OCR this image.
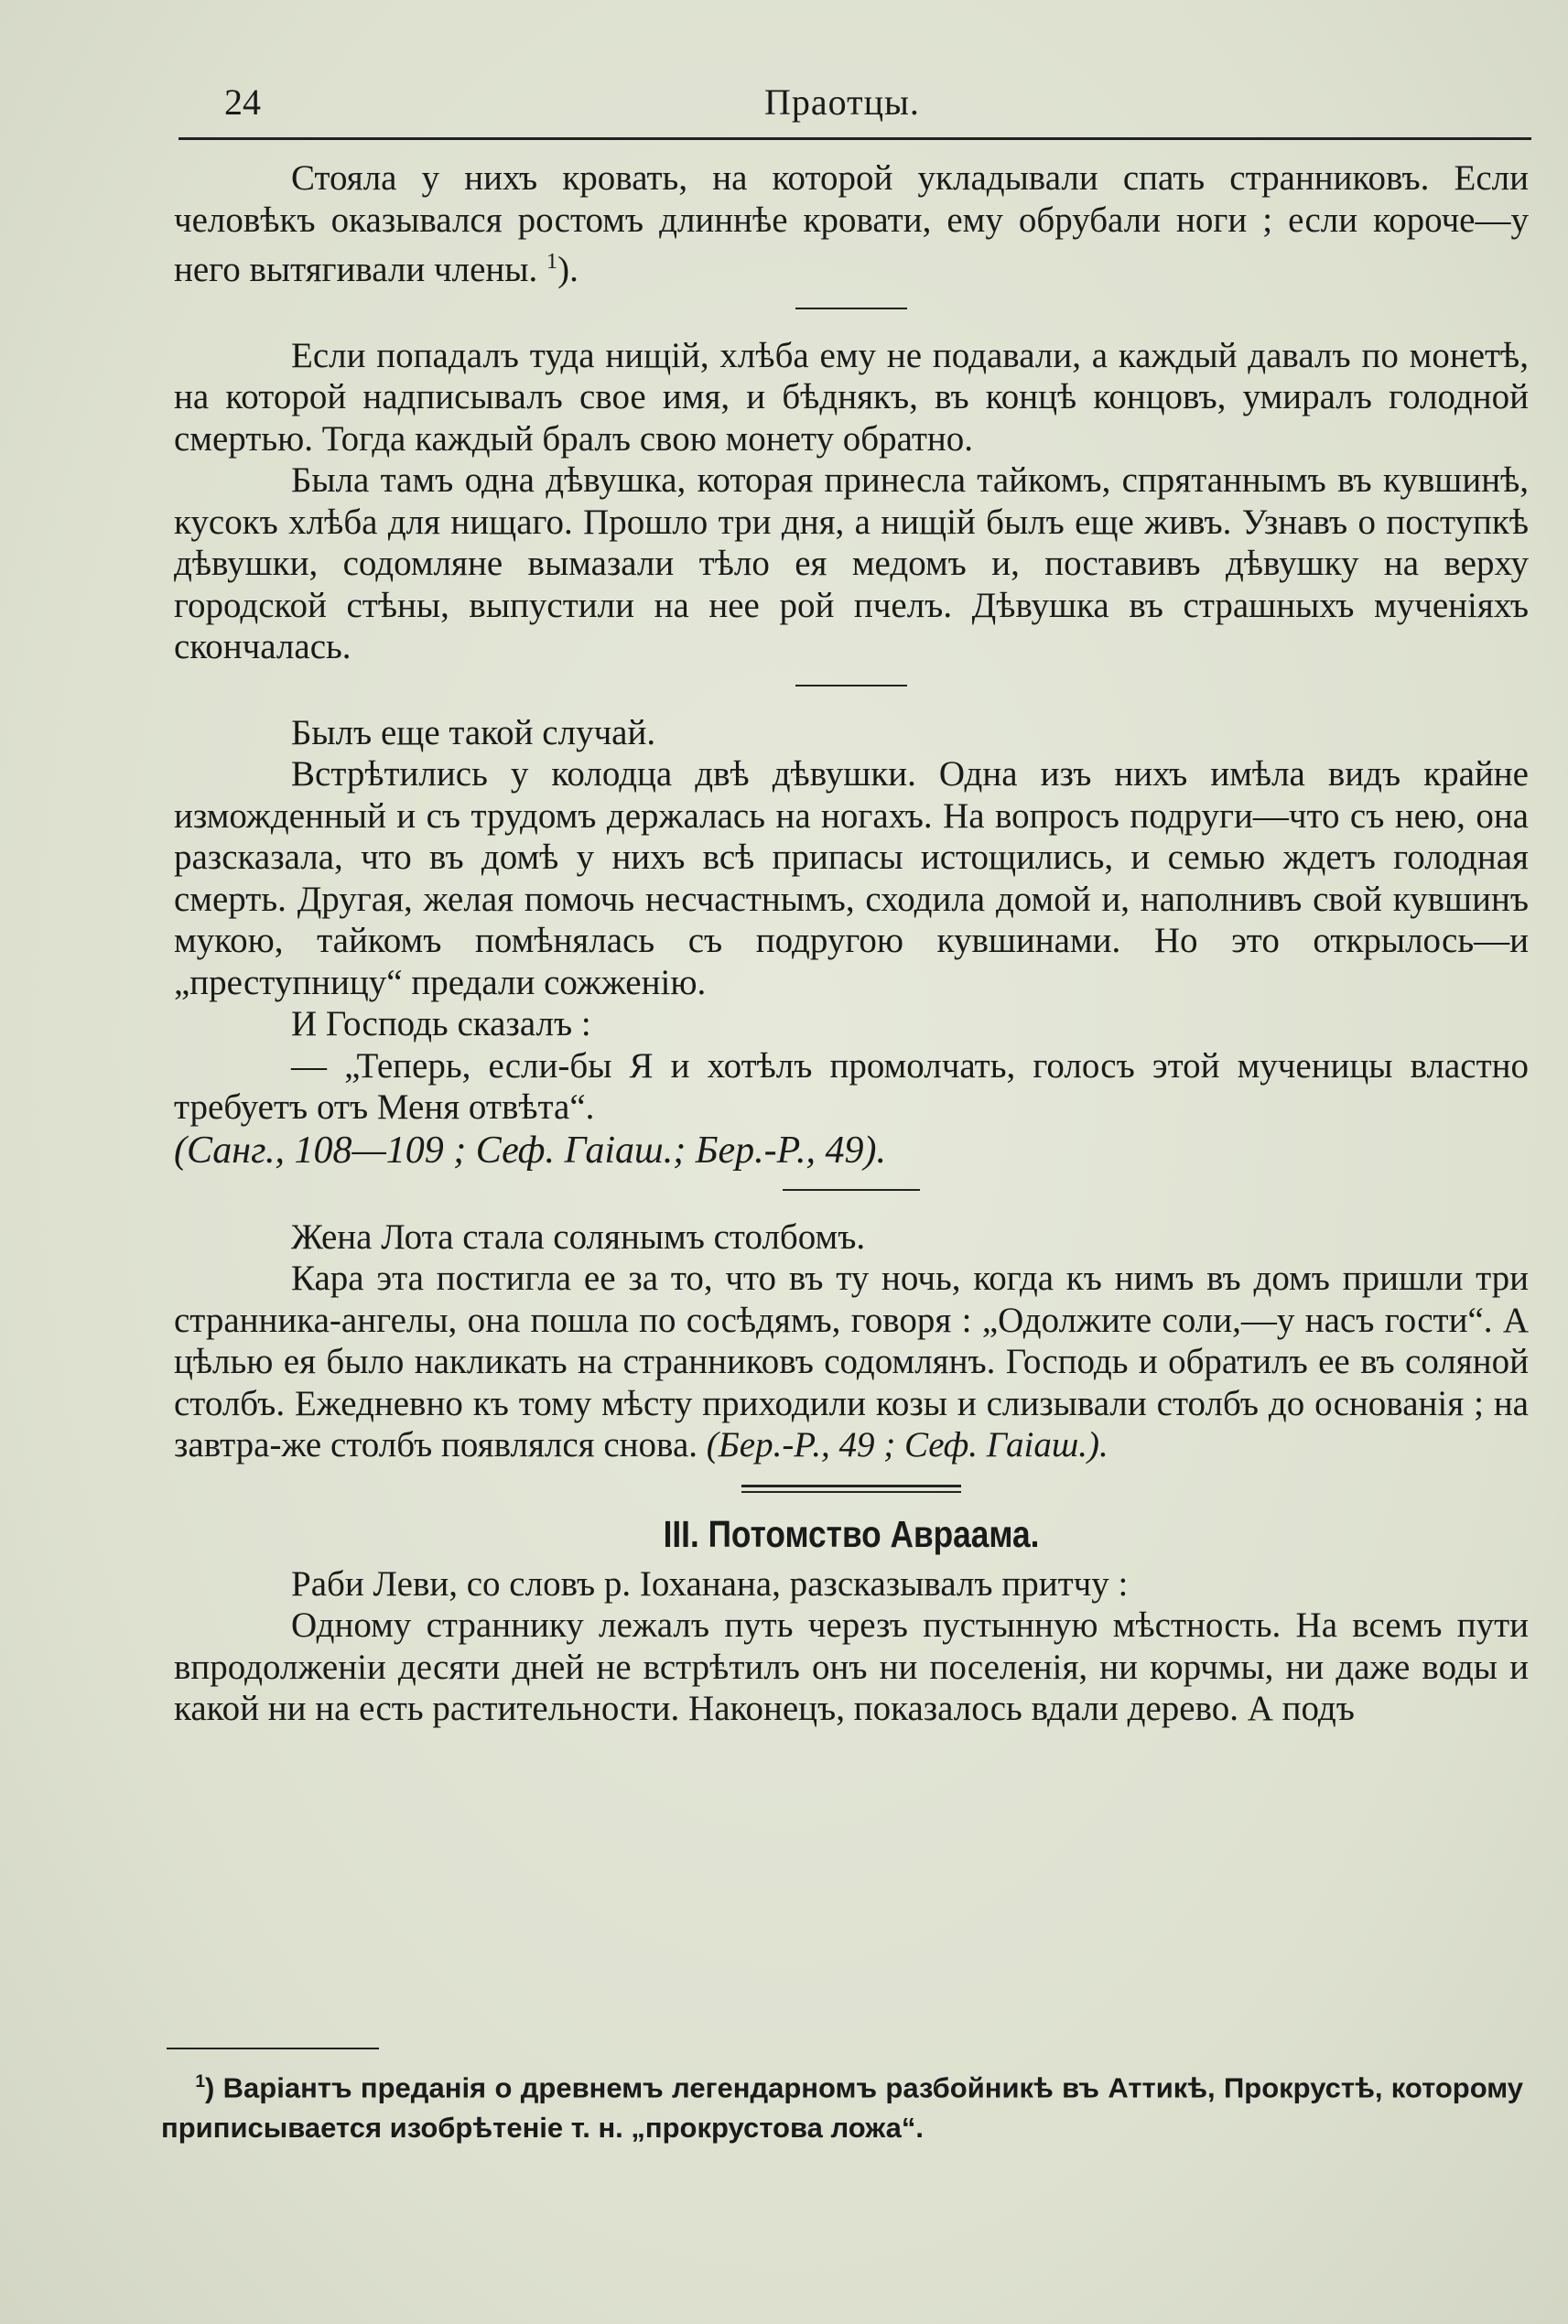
24	Праотцы.

Стояла у нихъ кровать, на которой укладывали спать странниковъ. Если человѣкъ оказывался ростомъ длиннѣе кровати, ему обрубали ноги ; если короче—у него вытягивали члены. $^1$).

Если попадалъ туда нищій, хлѣба ему не подавали, а каждый давалъ по монетѣ, на которой надписывалъ свое имя, и бѣднякъ, въ концѣ концовъ, умиралъ голодной смертью. Тогда каждый бралъ свою монету обратно.

Была тамъ одна дѣвушка, которая принесла тайкомъ, спрятаннымъ въ кувшинѣ, кусокъ хлѣба для нищаго. Прошло три дня, а нищій былъ еще живъ. Узнавъ о поступкѣ дѣвушки, содомляне вымазали тѣло ея медомъ и, поставивъ дѣвушку на верху городской стѣны, выпустили на нее рой пчелъ. Дѣвушка въ страшныхъ мученіяхъ скончалась.

Былъ еще такой случай.

Встрѣтились у колодца двѣ дѣвушки. Одна изъ нихъ имѣла видъ крайне изможденный и съ трудомъ держалась на ногахъ. На вопросъ подруги—что съ нею, она разсказала, что въ домѣ у нихъ всѣ припасы истощились, и семью ждетъ голодная смерть. Другая, желая помочь несчастнымъ, сходила домой и, наполнивъ свой кувшинъ мукою, тайкомъ помѣнялась съ подругою кувшинами. Но это открылось—и „преступницу“ предали сожженію.

И Господь сказалъ :

— „Теперь, если-бы Я и хотѣлъ промолчать, голосъ этой мученицы властно требуетъ отъ Меня отвѣта“.

(Санг., 108—109 ; Сеф. Гаіаш.; Бер.-Р., 49).

Жена Лота стала солянымъ столбомъ.

Кара эта постигла ее за то, что въ ту ночь, когда къ нимъ въ домъ пришли три странника-ангелы, она пошла по сосѣдямъ, говоря : „Одолжите соли,—у насъ гости“. А цѣлью ея было накликать на странниковъ содомлянъ. Господь и обратилъ ее въ соляной столбъ. Ежедневно къ тому мѣсту приходили козы и слизывали столбъ до основанія ; на завтра-же столбъ появлялся снова. (Бер.-Р., 49 ; Сеф. Гаіаш.).

III. Потомство Авраама.

Раби Леви, со словъ р. Іоханана, разсказывалъ притчу :

Одному страннику лежалъ путь черезъ пустынную мѣстность. На всемъ пути впродолженіи десяти дней не встрѣтилъ онъ ни поселенія, ни корчмы, ни даже воды и какой ни на есть растительности. Наконецъ, показалось вдали дерево. А подъ

$^1$) Варіантъ преданія о древнемъ легендарномъ разбойникѣ въ Аттикѣ, Прокрустѣ, которому приписывается изобрѣтеніе т. н. „прокрустова ложа“.
